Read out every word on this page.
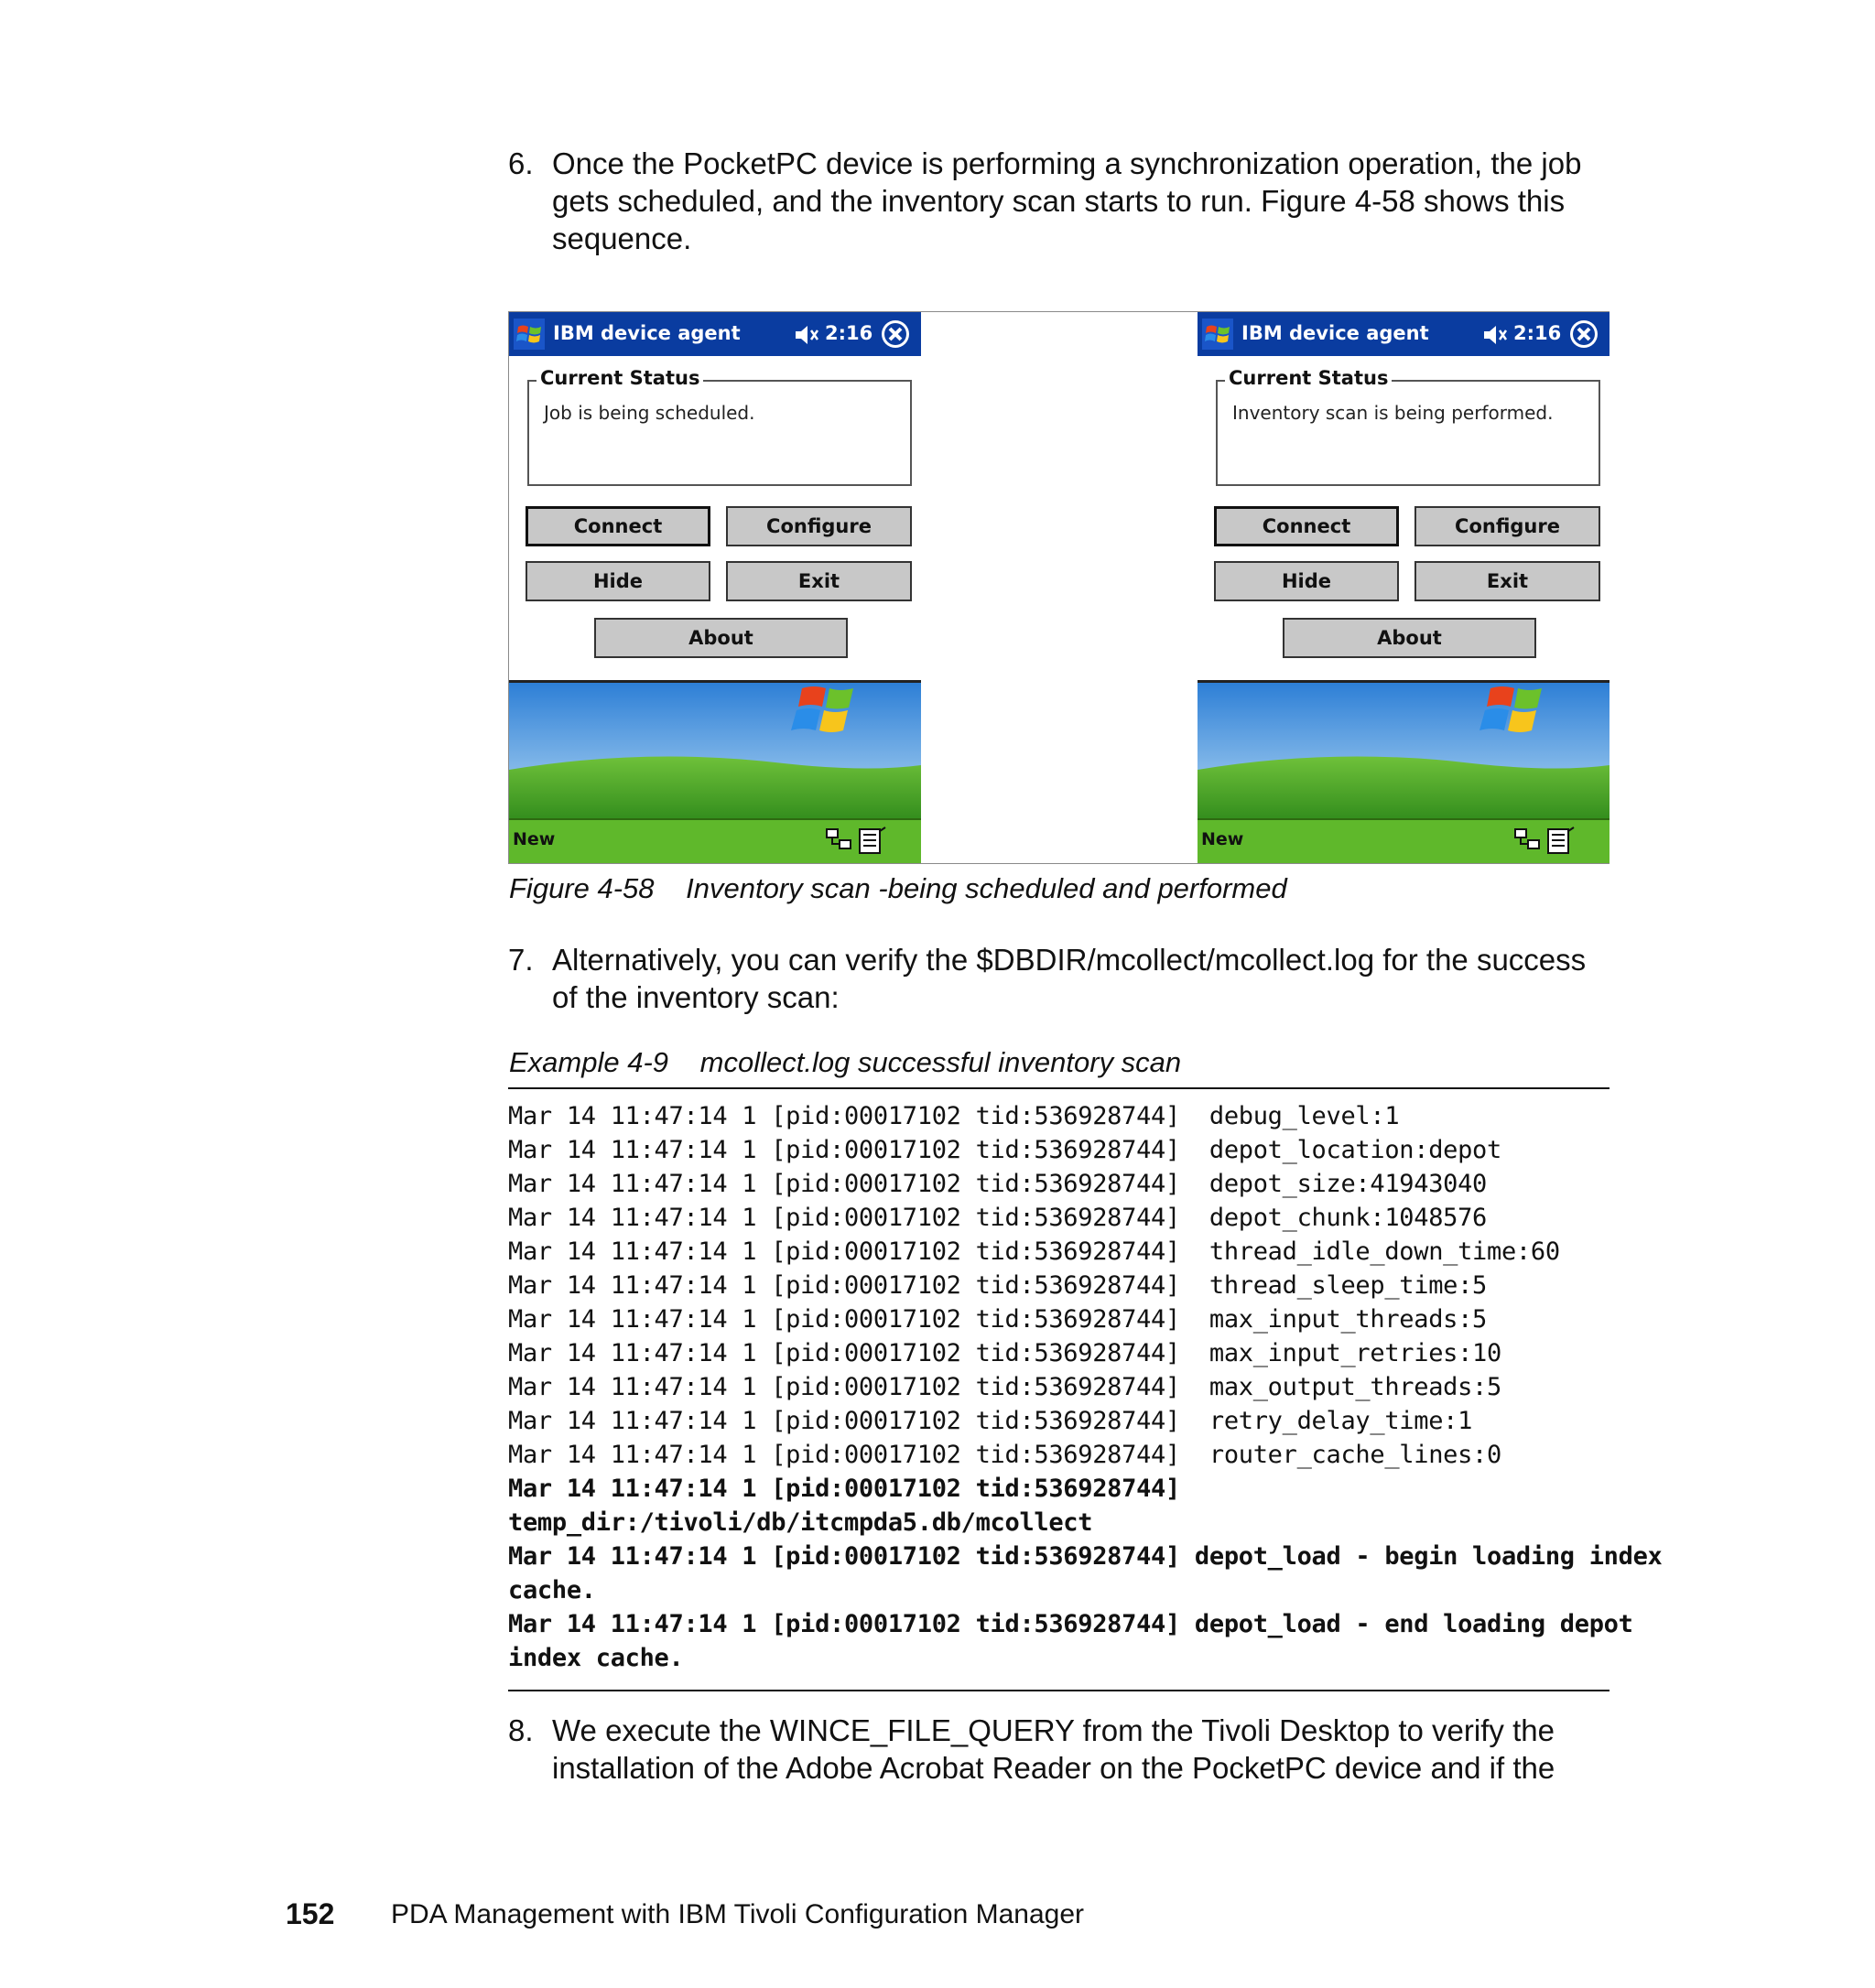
6. Once the PocketPC device is performing a synchronization operation, the job gets scheduled, and the inventory scan starts to run. Figure 4-58 shows this sequence.
IBM device agent	2:16
Current Status
Job is being scheduled.
Connect	Configure
Hide	Exit
About
New
IBM device agent	2:16
Current Status
Inventory scan is being performed.
Connect	Configure
Hide	Exit
About
New
Figure 4-58 Inventory scan -being scheduled and performed
7. Alternatively, you can verify the $DBDIR/mcollect/mcollect.log for the success of the inventory scan:
Example 4-9 mcollect.log successful inventory scan
Mar 14 11:47:14 1 [pid:00017102 tid:536928744]  debug_level:1
Mar 14 11:47:14 1 [pid:00017102 tid:536928744]  depot_location:depot
Mar 14 11:47:14 1 [pid:00017102 tid:536928744]  depot_size:41943040
Mar 14 11:47:14 1 [pid:00017102 tid:536928744]  depot_chunk:1048576
Mar 14 11:47:14 1 [pid:00017102 tid:536928744]  thread_idle_down_time:60
Mar 14 11:47:14 1 [pid:00017102 tid:536928744]  thread_sleep_time:5
Mar 14 11:47:14 1 [pid:00017102 tid:536928744]  max_input_threads:5
Mar 14 11:47:14 1 [pid:00017102 tid:536928744]  max_input_retries:10
Mar 14 11:47:14 1 [pid:00017102 tid:536928744]  max_output_threads:5
Mar 14 11:47:14 1 [pid:00017102 tid:536928744]  retry_delay_time:1
Mar 14 11:47:14 1 [pid:00017102 tid:536928744]  router_cache_lines:0
Mar 14 11:47:14 1 [pid:00017102 tid:536928744]
temp_dir:/tivoli/db/itcmpda5.db/mcollect
Mar 14 11:47:14 1 [pid:00017102 tid:536928744] depot_load - begin loading index
cache.
Mar 14 11:47:14 1 [pid:00017102 tid:536928744] depot_load - end loading depot
index cache.
8. We execute the WINCE_FILE_QUERY from the Tivoli Desktop to verify the installation of the Adobe Acrobat Reader on the PocketPC device and if the
152 PDA Management with IBM Tivoli Configuration Manager
